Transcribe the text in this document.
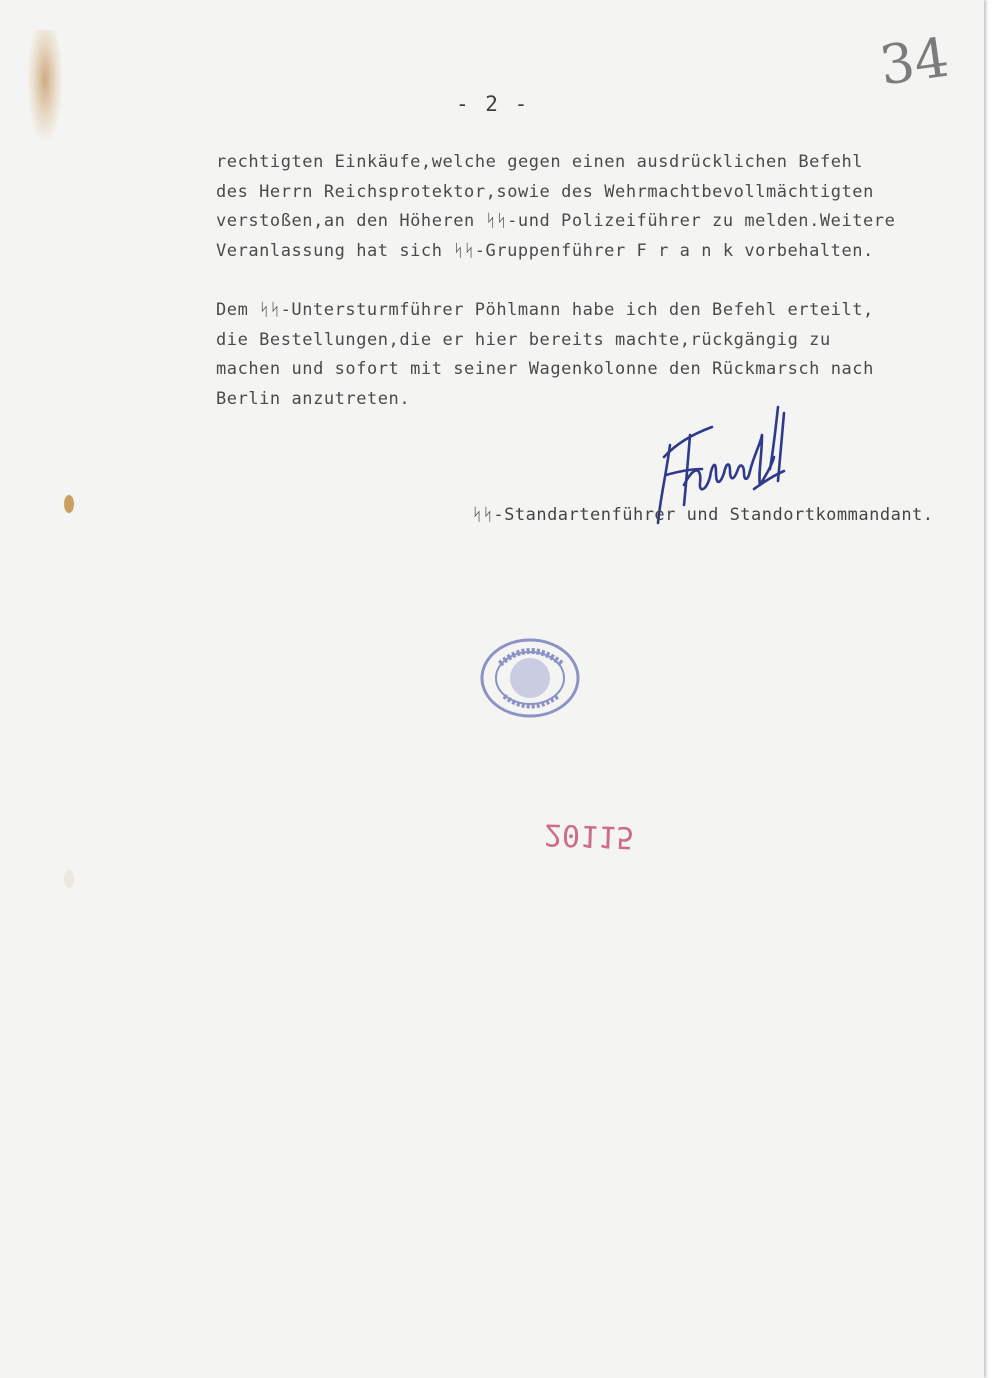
- 2 -
34
rechtigten Einkäufe,welche gegen einen ausdrücklichen Befehl
des Herrn Reichsprotektor,sowie des Wehrmachtbevollmächtigten
verstoßen,an den Höheren ᛋᛋ-und Polizeiführer zu melden.Weitere
Veranlassung hat sich ᛋᛋ-Gruppenführer F r a n k vorbehalten.
Dem ᛋᛋ-Untersturmführer Pöhlmann habe ich den Befehl erteilt,
die Bestellungen,die er hier bereits machte,rückgängig zu
machen und sofort mit seiner Wagenkolonne den Rückmarsch nach
Berlin anzutreten.
ᛋᛋ-Standartenführer und Standortkommandant.
20115
